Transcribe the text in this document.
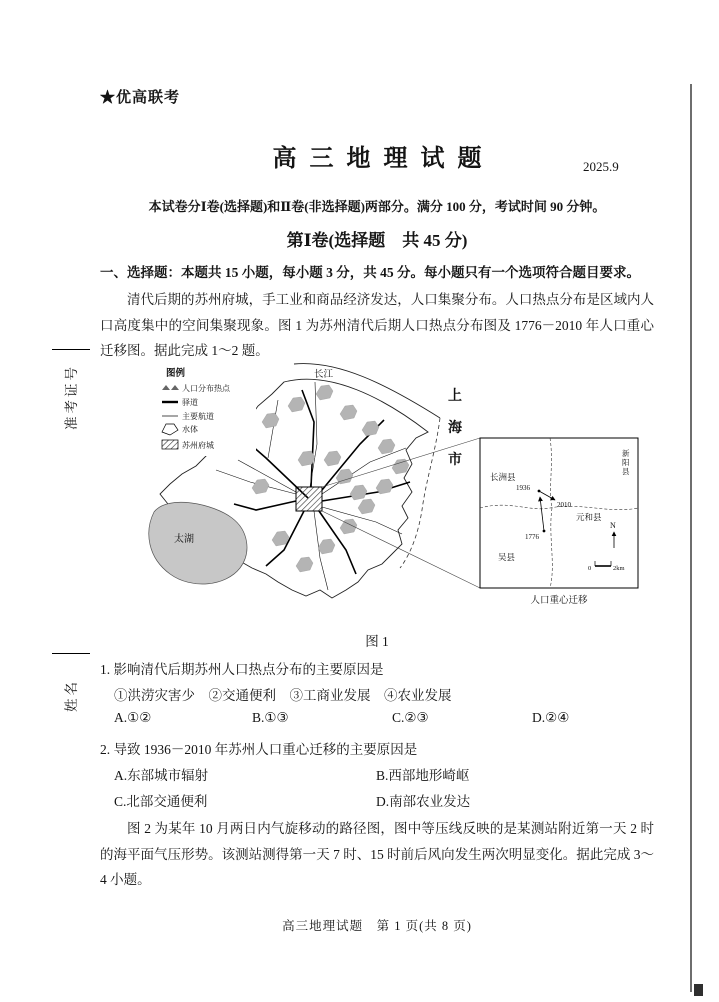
准考证号
姓名
★优高联考
高三地理试题	2025.9
本试卷分Ⅰ卷(选择题)和Ⅱ卷(非选择题)两部分。满分 100 分，考试时间 90 分钟。
第Ⅰ卷(选择题　共 45 分)
一、选择题：本题共 15 小题，每小题 3 分，共 45 分。每小题只有一个选项符合题目要求。
清代后期的苏州府城，手工业和商品经济发达，人口集聚分布。人口热点分布是区域内人口高度集中的空间集聚现象。图 1 为苏州清代后期人口热点分布图及 1776－2010 年人口重心迁移图。据此完成 1～2 题。
长江
上
海
市
太湖
图例
人口分布热点
驿道
主要航道
水体
苏州府城
长洲县
新
阳
县
元和县
吴县
1936
2010
1776
N
0	2km
人口重心迁移
图 1
1. 影响清代后期苏州人口热点分布的主要原因是
①洪涝灾害少　②交通便利　③工商业发展　④农业发展
A.①②	B.①③	C.②③	D.②④
2. 导致 1936－2010 年苏州人口重心迁移的主要原因是
A.东部城市辐射	B.西部地形崎岖
C.北部交通便利	D.南部农业发达
图 2 为某年 10 月两日内气旋移动的路径图，图中等压线反映的是某测站附近第一天 2 时的海平面气压形势。该测站测得第一天 7 时、15 时前后风向发生两次明显变化。据此完成 3～4 小题。
高三地理试题　第 1 页(共 8 页)
